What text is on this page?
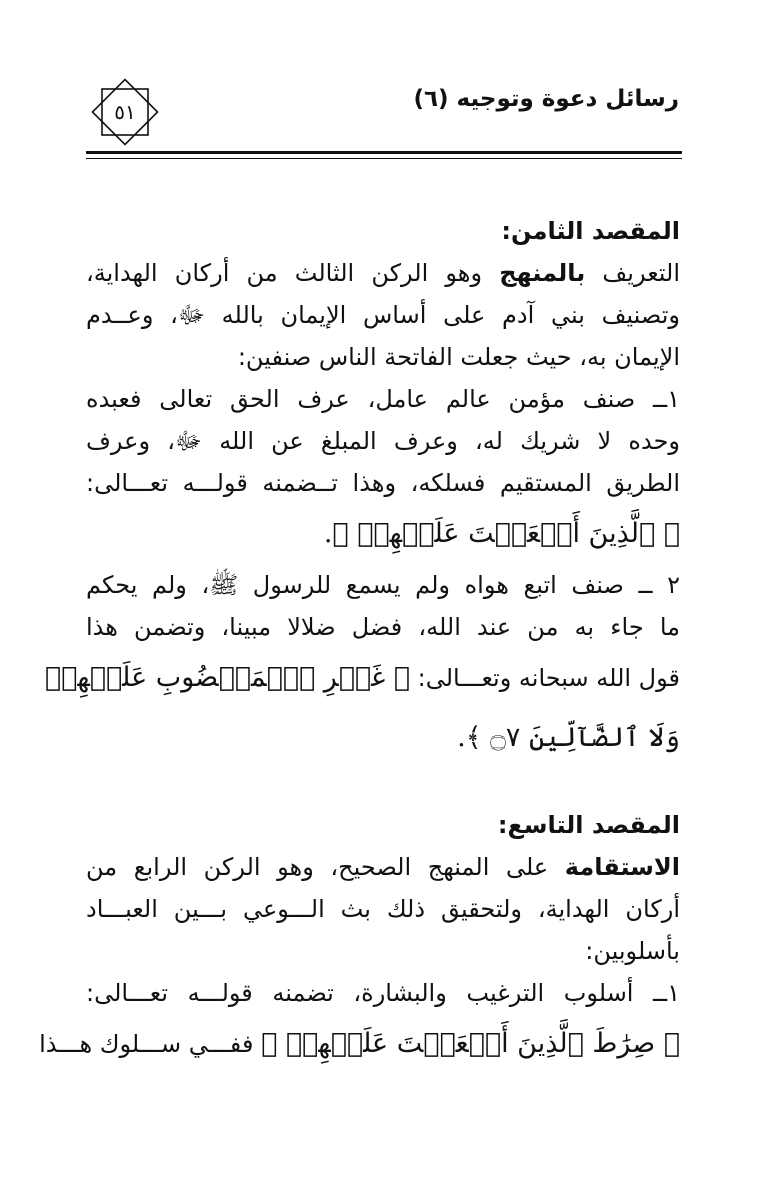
رسائل دعوة وتوجيه (٦)
٥١
المقصد الثامن:
التعريف بالمنهج وهو الركن الثالث من أركان الهداية،
وتصنيف بني آدم على أساس الإيمان بالله ﷻ، وعــدم
الإيمان به، حيث جعلت الفاتحة الناس صنفين:
١ــ صنف مؤمن عالم عامل، عرف الحق تعالى فعبده
وحده لا شريك له، وعرف المبلغ عن الله ﷻ، وعرف
الطريق المستقيم فسلكه، وهذا تــضمنه قولـــه تعـــالى:
﴿ ٱلَّذِينَ أَنۡعَمۡتَ عَلَيۡهِمۡ ﴾.
٢ ــ صنف اتبع هواه ولم يسمع للرسول ﷺ، ولم يحكم
ما جاء به من عند الله، فضل ضلالا مبينا، وتضمن هذا
قول الله سبحانه وتعـــالى: ﴿ غَيۡرِ ٱلۡمَغۡضُوبِ عَلَيۡهِمۡ
وَلَا ٱلضَّآلِّينَ ۝٧ ﴾.
المقصد التاسع:
الاستقامة على المنهج الصحيح، وهو الركن الرابع من
أركان الهداية، ولتحقيق ذلك بث الـــوعي بـــين العبـــاد
بأسلوبين:
١ــ أسلوب الترغيب والبشارة، تضمنه قولـــه تعـــالى:
﴿ صِرَٰطَ ٱلَّذِينَ أَنۡعَمۡتَ عَلَيۡهِمۡ ﴾ ففـــي ســـلوك هـــذا
